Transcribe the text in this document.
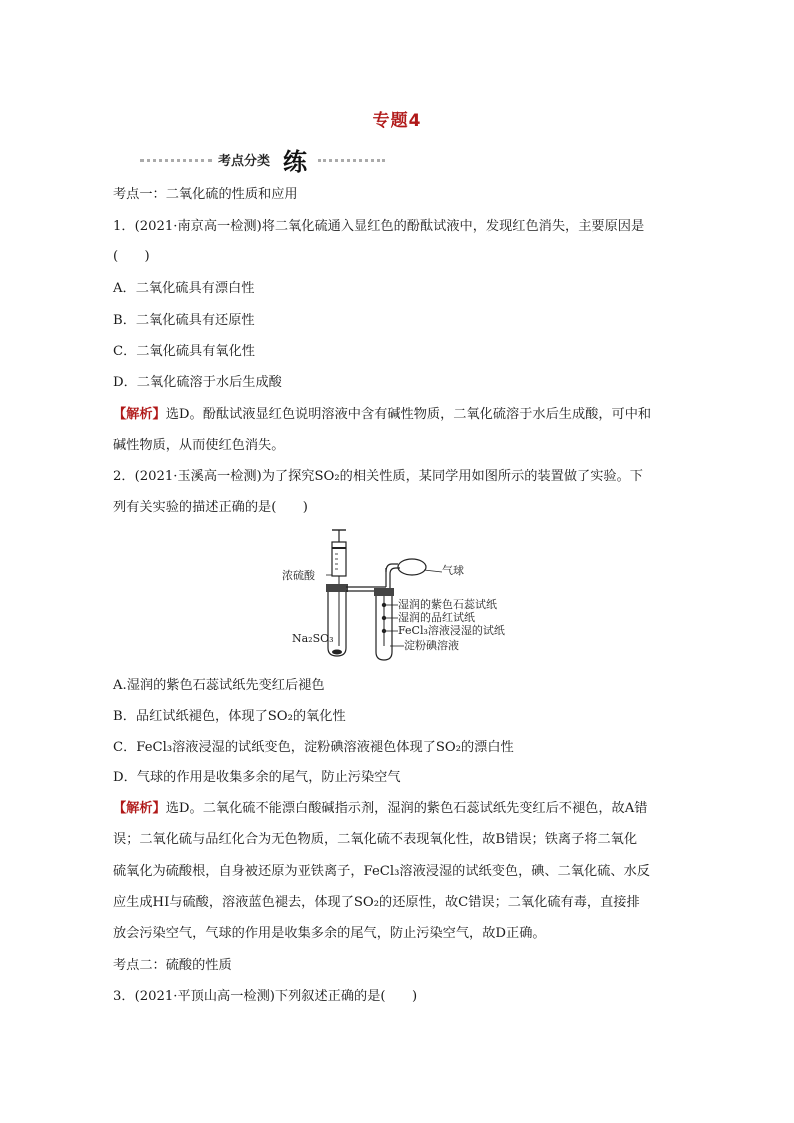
专题4
考点分类 练
考点一：二氧化硫的性质和应用
1．(2021·南京高一检测)将二氧化硫通入显红色的酚酞试液中，发现红色消失，主要原因是
(　　)
A．二氧化硫具有漂白性
B．二氧化硫具有还原性
C．二氧化硫具有氧化性
D．二氧化硫溶于水后生成酸
【解析】选D。酚酞试液显红色说明溶液中含有碱性物质，二氧化硫溶于水后生成酸，可中和
碱性物质，从而使红色消失。
2．(2021·玉溪高一检测)为了探究SO₂的相关性质，某同学用如图所示的装置做了实验。下
列有关实验的描述正确的是(　　)
浓硫酸
Na₂SO₃
气球
湿润的紫色石蕊试纸
湿润的品红试纸
FeCl₃溶液浸湿的试纸
淀粉碘溶液
A.湿润的紫色石蕊试纸先变红后褪色
B．品红试纸褪色，体现了SO₂的氧化性
C．FeCl₃溶液浸湿的试纸变色，淀粉碘溶液褪色体现了SO₂的漂白性
D．气球的作用是收集多余的尾气，防止污染空气
【解析】选D。二氧化硫不能漂白酸碱指示剂，湿润的紫色石蕊试纸先变红后不褪色，故A错
误；二氧化硫与品红化合为无色物质，二氧化硫不表现氧化性，故B错误；铁离子将二氧化
硫氧化为硫酸根，自身被还原为亚铁离子，FeCl₃溶液浸湿的试纸变色，碘、二氧化硫、水反
应生成HI与硫酸，溶液蓝色褪去，体现了SO₂的还原性，故C错误；二氧化硫有毒，直接排
放会污染空气，气球的作用是收集多余的尾气，防止污染空气，故D正确。
考点二：硫酸的性质
3．(2021·平顶山高一检测)下列叙述正确的是(　　)
